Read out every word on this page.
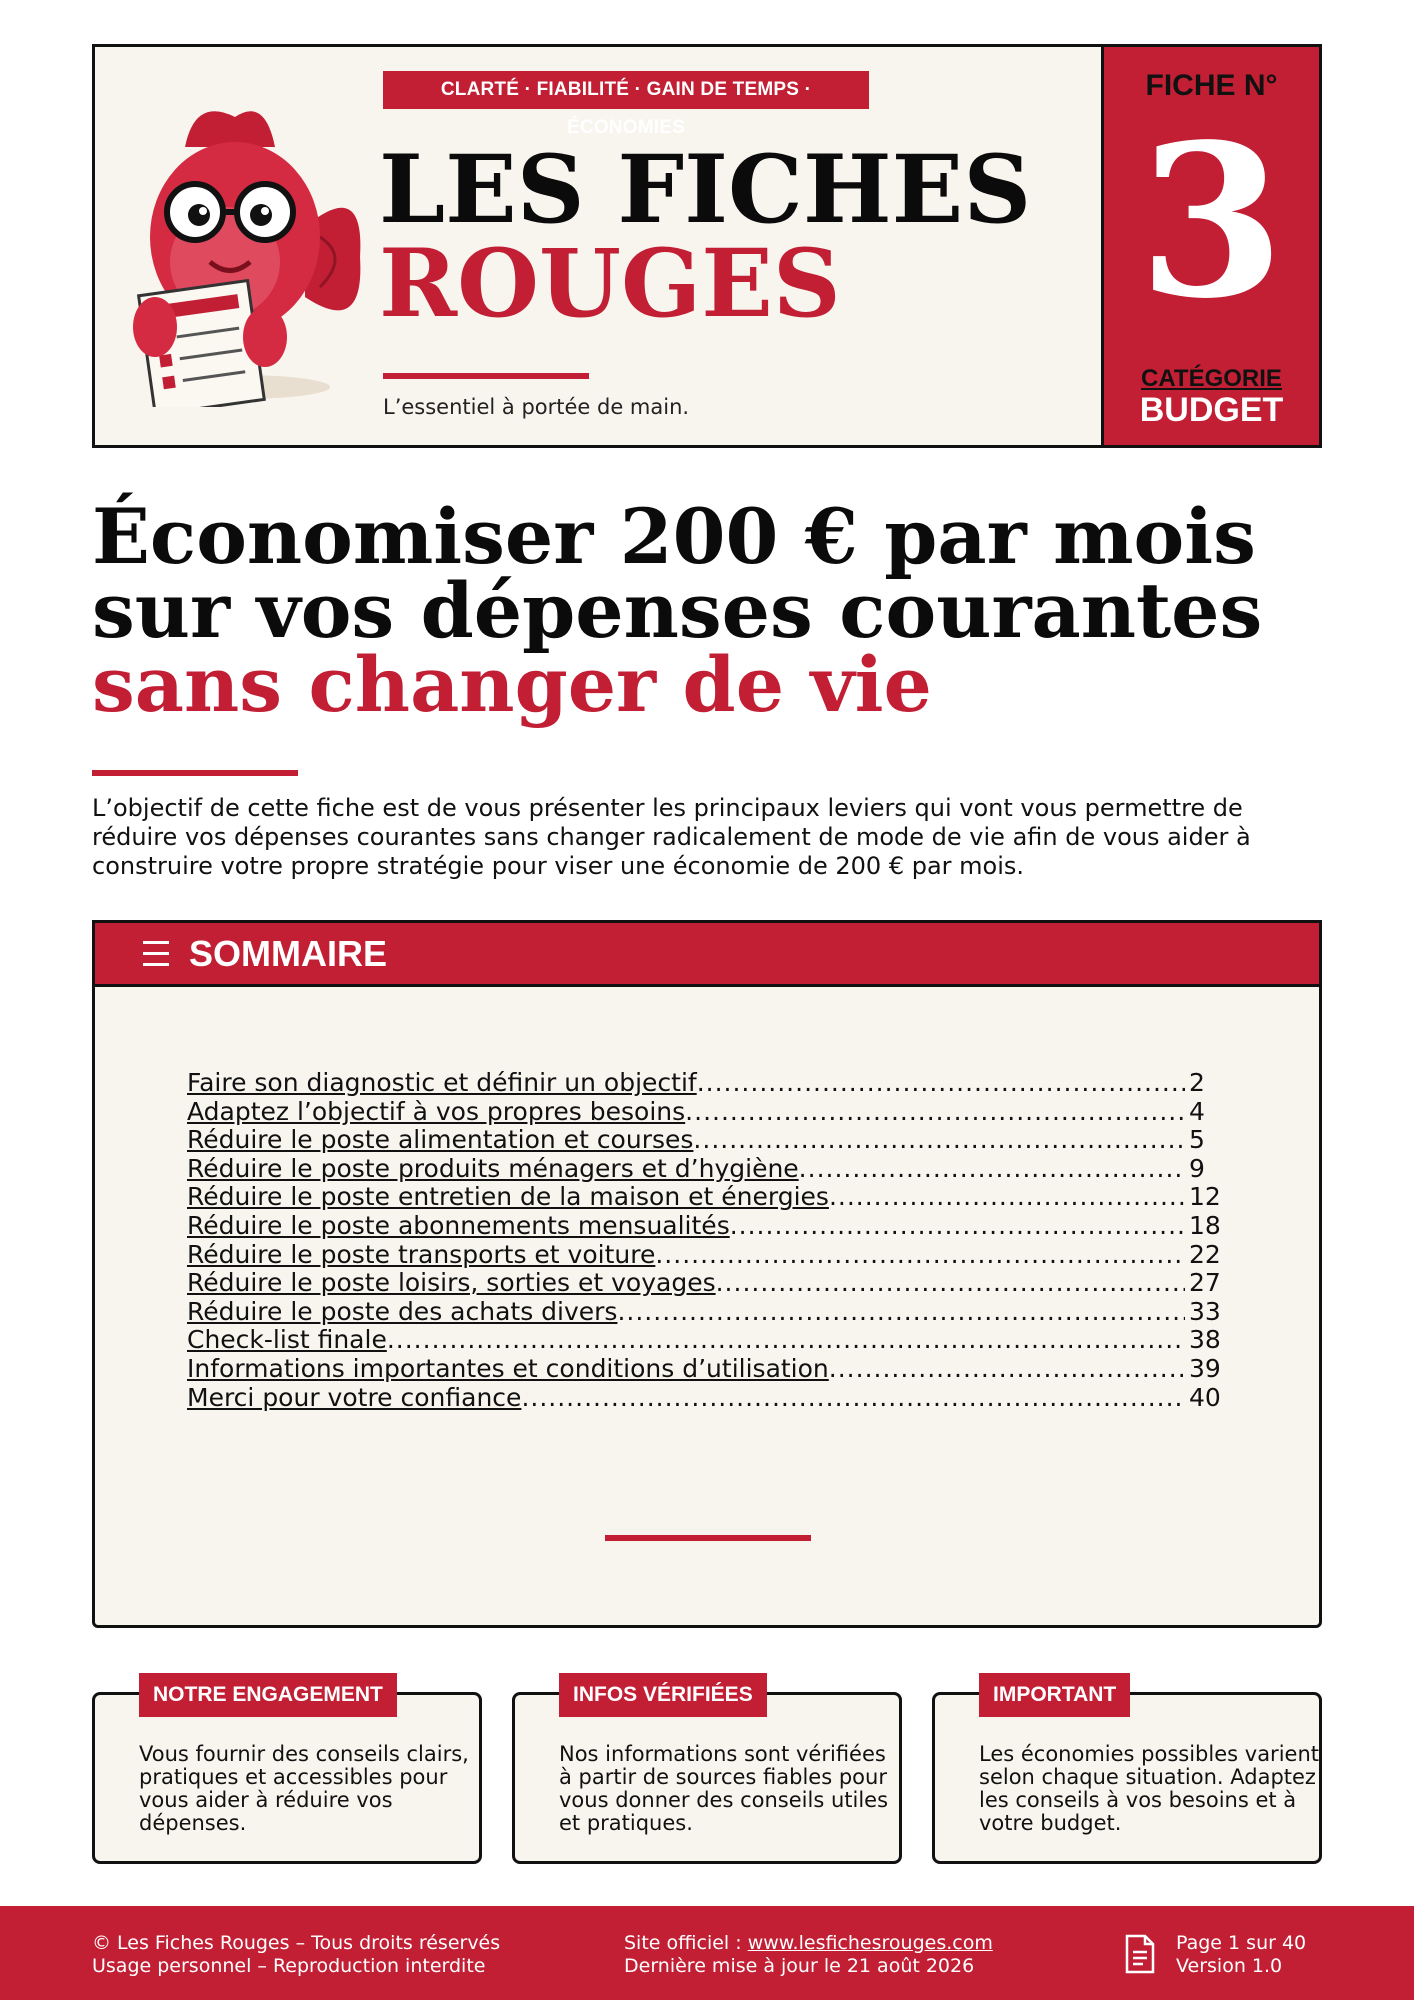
CLARTÉ · FIABILITÉ · GAIN DE TEMPS · ÉCONOMIES
LES FICHES
ROUGES
L’essentiel à portée de main.
FICHE N°
3
CATÉGORIE
BUDGET
Économiser 200 € par mois
sur vos dépenses courantes
sans changer de vie

L’objectif de cette fiche est de vous présenter les principaux leviers qui vont vous permettre de réduire vos dépenses courantes sans changer radicalement de mode de vie afin de vous aider à construire votre propre stratégie pour viser une économie de 200 € par mois.

SOMMAIRE
Faire son diagnostic et définir un objectif .....	2
Adaptez l’objectif à vos propres besoins .....	4
Réduire le poste alimentation et courses .....	5
Réduire le poste produits ménagers et d’hygiène .....	9
Réduire le poste entretien de la maison et énergies .....	12
Réduire le poste abonnements mensualités .....	18
Réduire le poste transports et voiture .....	22
Réduire le poste loisirs, sorties et voyages .....	27
Réduire le poste des achats divers .....	33
Check-list finale .....	38
Informations importantes et conditions d’utilisation .....	39
Merci pour votre confiance .....	40
NOTRE ENGAGEMENT

Vous fournir des conseils clairs, pratiques et accessibles pour vous aider à réduire vos dépenses.

INFOS VÉRIFIÉES

Nos informations sont vérifiées à partir de sources fiables pour vous donner des conseils utiles et pratiques.

IMPORTANT

Les économies possibles varient selon chaque situation. Adaptez les conseils à vos besoins et à votre budget.

© Les Fiches Rouges – Tous droits réservés
Usage personnel – Reproduction interdite
Site officiel : www.lesfichesrouges.com
Dernière mise à jour le 21 août 2026
Page 1 sur 40
Version 1.0
